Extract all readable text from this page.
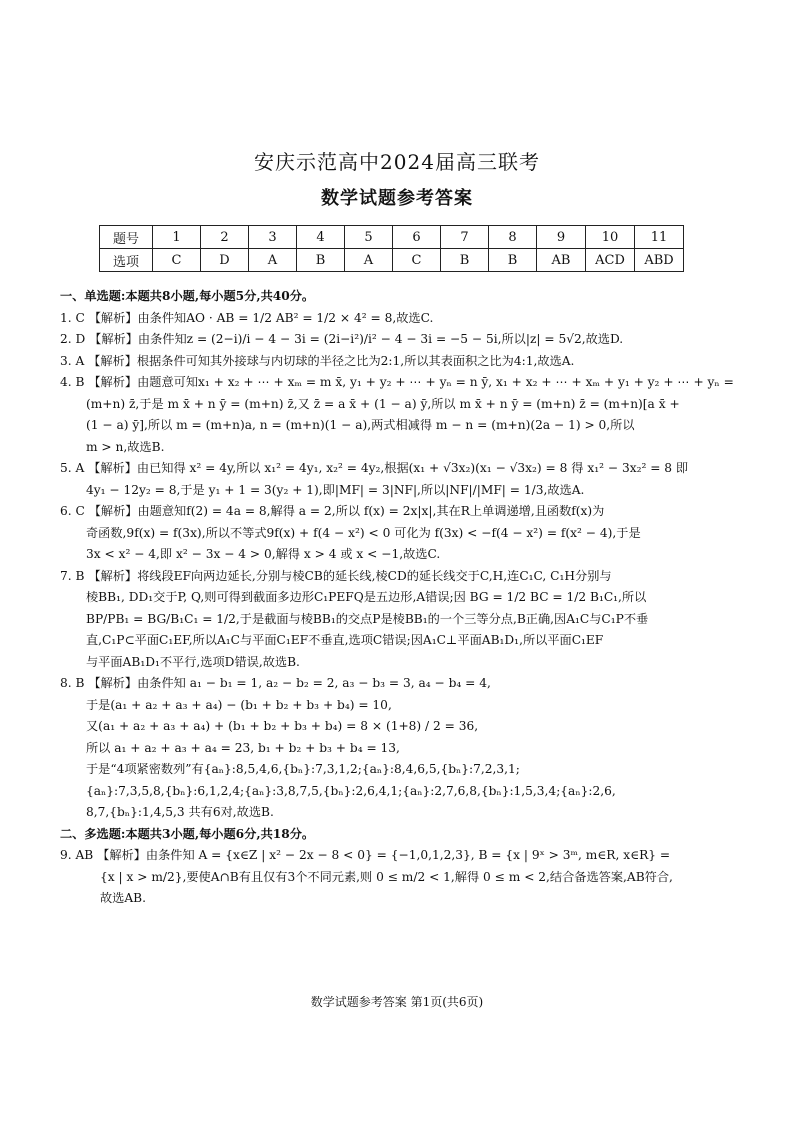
安庆示范高中2024届高三联考
数学试题参考答案
题号	1	2	3	4	5	6	7	8	9	10	11
选项	C	D	A	B	A	C	B	B	AB	ACD	ABD
一、单选题:本题共8小题,每小题5分,共40分。
1. C 【解析】由条件知AO · AB = 1/2 AB² = 1/2 × 4² = 8,故选C.
2. D 【解析】由条件知z = (2−i)/i − 4 − 3i = (2i−i²)/i² − 4 − 3i = −5 − 5i,所以|z| = 5√2,故选D.
3. A 【解析】根据条件可知其外接球与内切球的半径之比为2:1,所以其表面积之比为4:1,故选A.
4. B 【解析】由题意可知x₁ + x₂ + ⋯ + xₘ = m x̄, y₁ + y₂ + ⋯ + yₙ = n ȳ, x₁ + x₂ + ⋯ + xₘ + y₁ + y₂ + ⋯ + yₙ =
(m+n) z̄,于是 m x̄ + n ȳ = (m+n) z̄,又 z̄ = a x̄ + (1 − a) ȳ,所以 m x̄ + n ȳ = (m+n) z̄ = (m+n)[a x̄ +
(1 − a) ȳ],所以 m = (m+n)a, n = (m+n)(1 − a),两式相减得 m − n = (m+n)(2a − 1) > 0,所以
m > n,故选B.
5. A 【解析】由已知得 x² = 4y,所以 x₁² = 4y₁, x₂² = 4y₂,根据(x₁ + √3x₂)(x₁ − √3x₂) = 8 得 x₁² − 3x₂² = 8 即
4y₁ − 12y₂ = 8,于是 y₁ + 1 = 3(y₂ + 1),即|MF| = 3|NF|,所以|NF|/|MF| = 1/3,故选A.
6. C 【解析】由题意知f(2) = 4a = 8,解得 a = 2,所以 f(x) = 2x|x|,其在R上单调递增,且函数f(x)为
奇函数,9f(x) = f(3x),所以不等式9f(x) + f(4 − x²) < 0 可化为 f(3x) < −f(4 − x²) = f(x² − 4),于是
3x < x² − 4,即 x² − 3x − 4 > 0,解得 x > 4 或 x < −1,故选C.
7. B 【解析】将线段EF向两边延长,分别与棱CB的延长线,棱CD的延长线交于C,H,连C₁C, C₁H分别与
棱BB₁, DD₁交于P, Q,则可得到截面多边形C₁PEFQ是五边形,A错误;因 BG = 1/2 BC = 1/2 B₁C₁,所以
BP/PB₁ = BG/B₁C₁ = 1/2,于是截面与棱BB₁的交点P是棱BB₁的一个三等分点,B正确,因A₁C与C₁P不垂
直,C₁P⊂平面C₁EF,所以A₁C与平面C₁EF不垂直,选项C错误;因A₁C⊥平面AB₁D₁,所以平面C₁EF
与平面AB₁D₁不平行,选项D错误,故选B.
8. B 【解析】由条件知 a₁ − b₁ = 1, a₂ − b₂ = 2, a₃ − b₃ = 3, a₄ − b₄ = 4,
于是(a₁ + a₂ + a₃ + a₄) − (b₁ + b₂ + b₃ + b₄) = 10,
又(a₁ + a₂ + a₃ + a₄) + (b₁ + b₂ + b₃ + b₄) = 8 × (1+8) / 2 = 36,
所以 a₁ + a₂ + a₃ + a₄ = 23, b₁ + b₂ + b₃ + b₄ = 13,
于是“4项紧密数列”有{aₙ}:8,5,4,6,{bₙ}:7,3,1,2;{aₙ}:8,4,6,5,{bₙ}:7,2,3,1;
{aₙ}:7,3,5,8,{bₙ}:6,1,2,4;{aₙ}:3,8,7,5,{bₙ}:2,6,4,1;{aₙ}:2,7,6,8,{bₙ}:1,5,3,4;{aₙ}:2,6,
8,7,{bₙ}:1,4,5,3 共有6对,故选B.
二、多选题:本题共3小题,每小题6分,共18分。
9. AB 【解析】由条件知 A = {x∈Z | x² − 2x − 8 < 0} = {−1,0,1,2,3}, B = {x | 9ˣ > 3ᵐ, m∈R, x∈R} =
{x | x > m/2},要使A∩B有且仅有3个不同元素,则 0 ≤ m/2 < 1,解得 0 ≤ m < 2,结合备选答案,AB符合,
故选AB.
数学试题参考答案 第1页(共6页)
